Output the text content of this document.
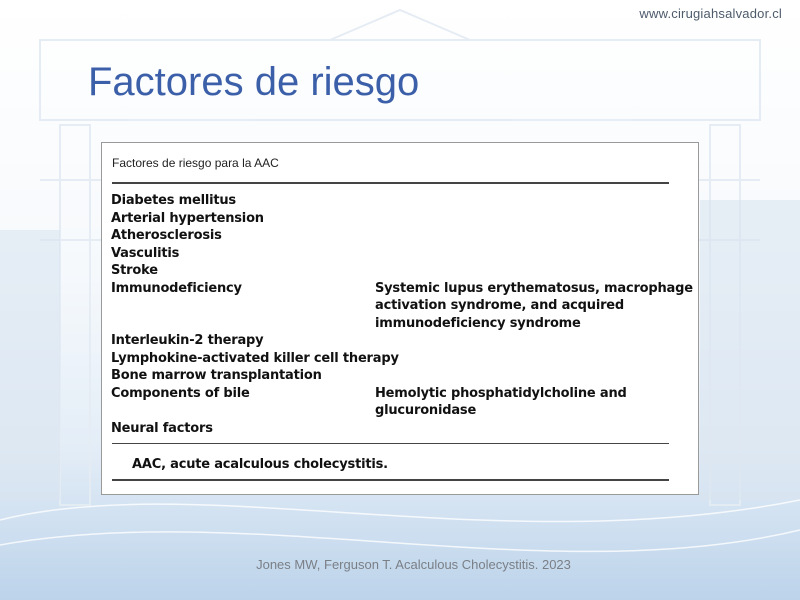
www.cirugiahsalvador.cl
Factores de riesgo
Factores de riesgo para la AAC
Diabetes mellitus
Arterial hypertension
Atherosclerosis
Vasculitis
Stroke
Immunodeficiency	Systemic lupus erythematosus, macrophage
activation syndrome, and acquired
immunodeficiency syndrome
Interleukin-2 therapy
Lymphokine-activated killer cell therapy
Bone marrow transplantation
Components of bile	Hemolytic phosphatidylcholine and
glucuronidase
Neural factors
AAC, acute acalculous cholecystitis.
Jones MW, Ferguson T. Acalculous Cholecystitis. 2023
